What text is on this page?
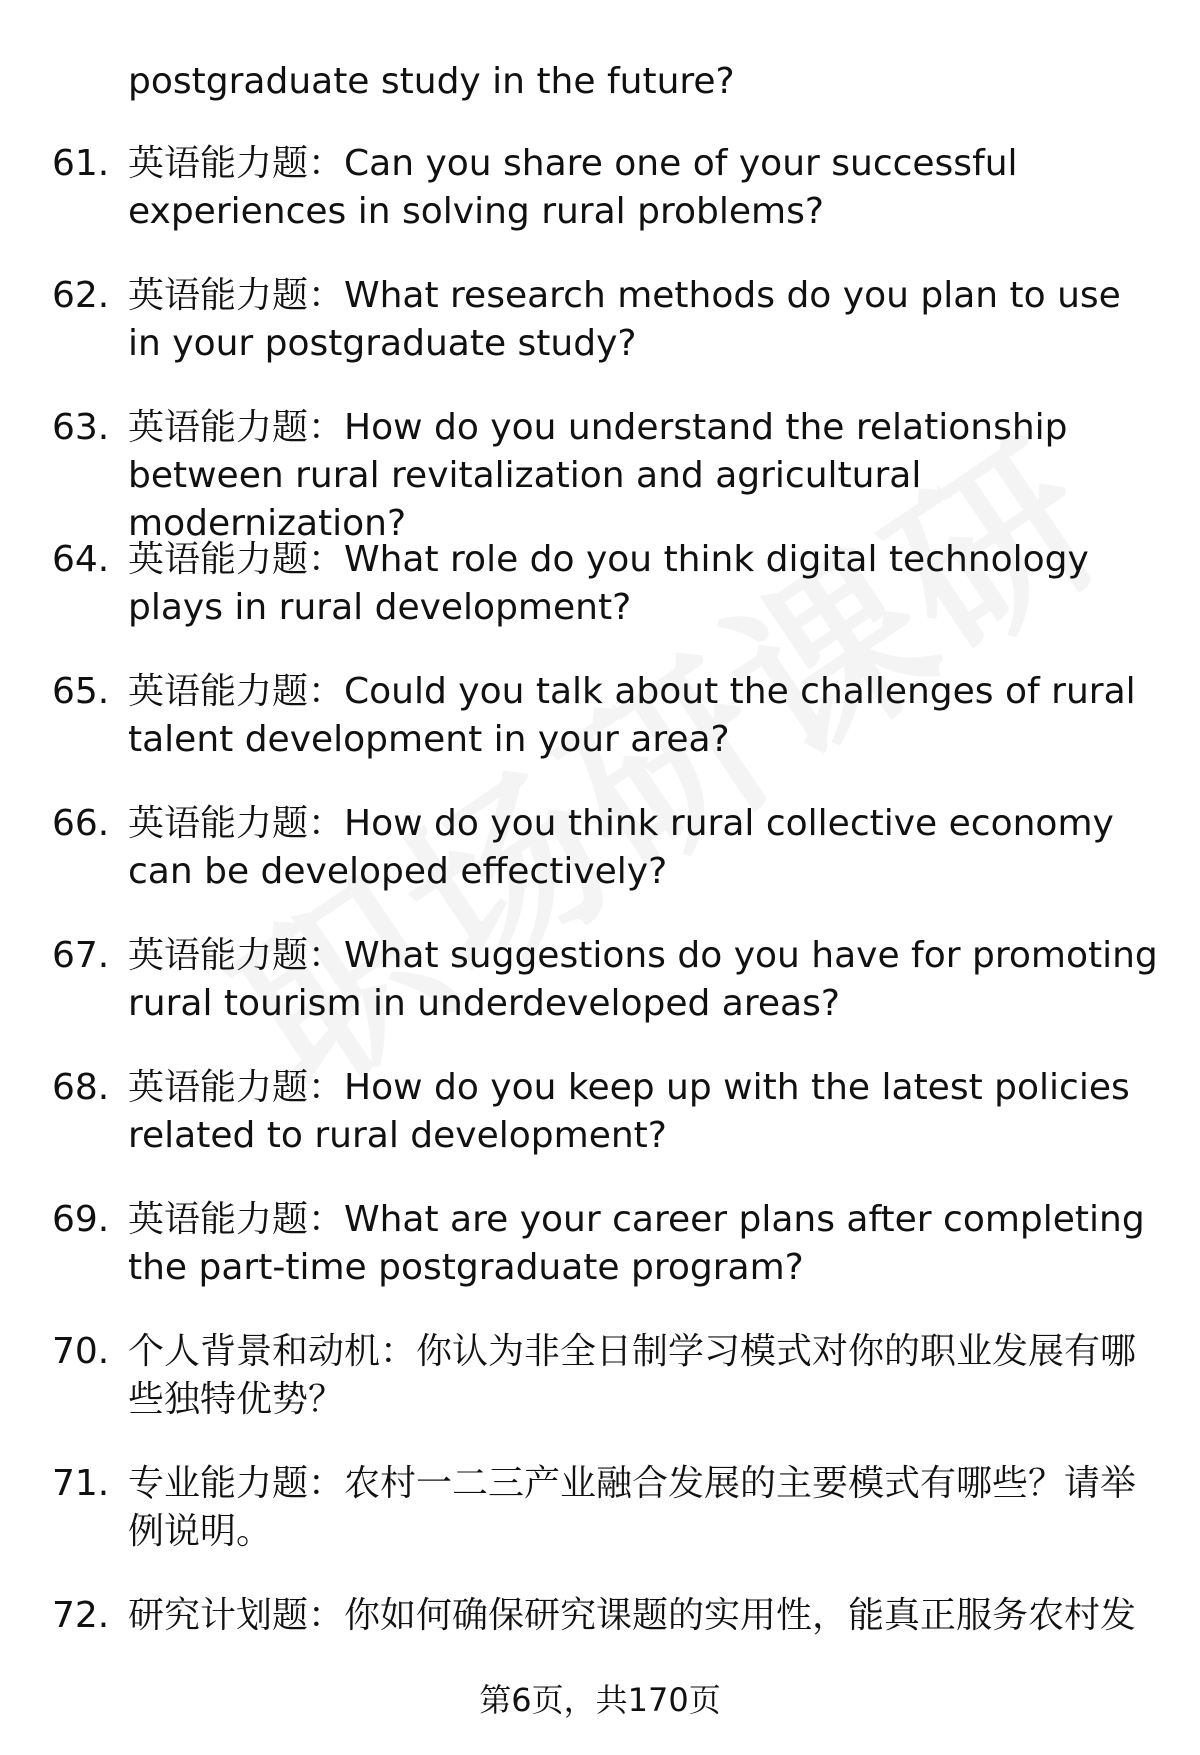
postgraduate study in the future?
61. 英语能力题：Can you share one of your successful experiences in solving rural problems?
62. 英语能力题：What research methods do you plan to use in your postgraduate study?
63. 英语能力题：How do you understand the relationship between rural revitalization and agricultural modernization?
64. 英语能力题：What role do you think digital technology plays in rural development?
65. 英语能力题：Could you talk about the challenges of rural talent development in your area?
66. 英语能力题：How do you think rural collective economy can be developed effectively?
67. 英语能力题：What suggestions do you have for promoting rural tourism in underdeveloped areas?
68. 英语能力题：How do you keep up with the latest policies related to rural development?
69. 英语能力题：What are your career plans after completing the part-time postgraduate program?
70. 个人背景和动机：你认为非全日制学习模式对你的职业发展有哪些独特优势？
71. 专业能力题：农村一二三产业融合发展的主要模式有哪些？请举例说明。
72. 研究计划题：你如何确保研究课题的实用性，能真正服务农村发
第6页，共170页
